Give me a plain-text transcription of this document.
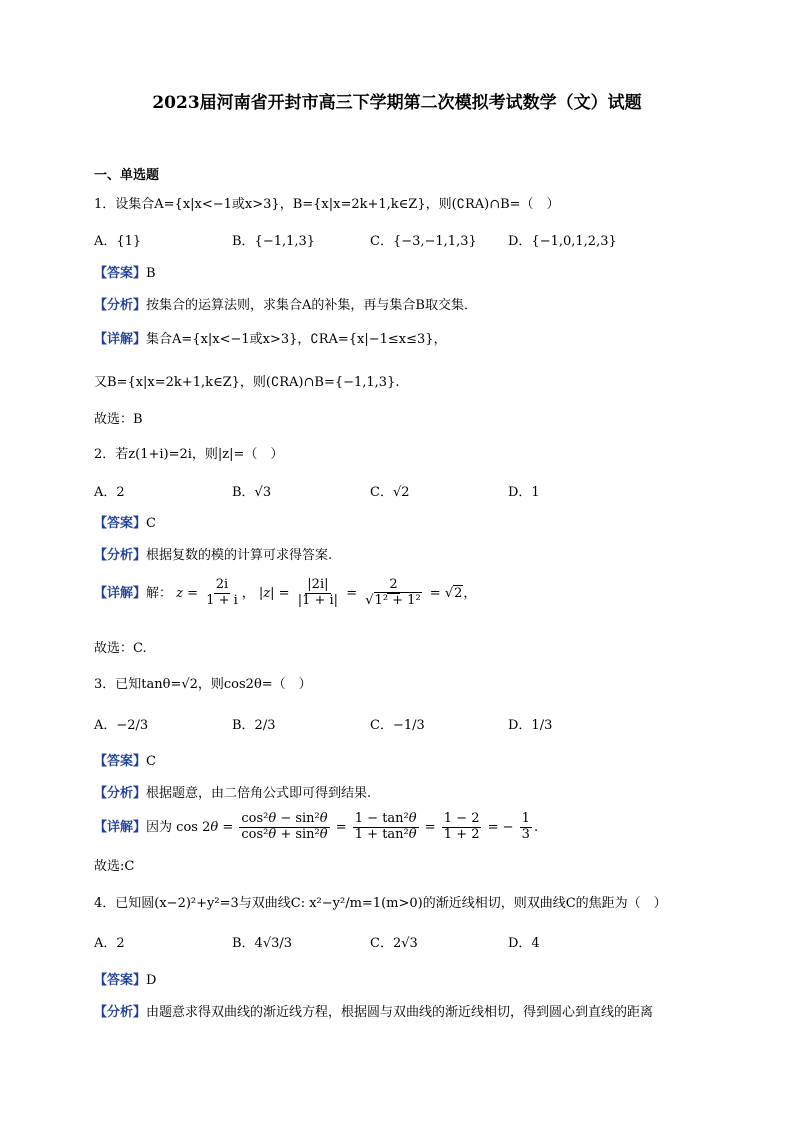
2023届河南省开封市高三下学期第二次模拟考试数学（文）试题
一、单选题
1．设集合A={x|x<−1或x>3}，B={x|x=2k+1,k∈Z}，则(∁RA)∩B=（　）
A．{1}	B．{−1,1,3}	C．{−3,−1,1,3} D．{−1,0,1,2,3}
【答案】B
【分析】按集合的运算法则，求集合A的补集，再与集合B取交集．
【详解】集合A={x|x<−1或x>3}，∁RA={x|−1≤x≤3}，
又B={x|x=2k+1,k∈Z}，则(∁RA)∩B={−1,1,3}.
故选：B
2．若z(1+i)=2i，则|z|=（　）
A．2	B．√3	C．√2	D．1
【答案】C
【分析】根据复数的模的计算可求得答案.
【详解】解： $z = \frac{2i}{1 + i}$ ， $|z| = \frac{|2i|}{|1 + i|} = \frac{2}{\text{√1² + 1²}} = √2$，
故选：C.
3．已知tanθ=√2，则cos2θ=（　）
A．−2/3	B．2/3	C．−1/3	D．1/3
【答案】C
【分析】根据题意，由二倍角公式即可得到结果.
【详解】因为 $\cos 2\theta = \frac{\text{cos²θ − sin²θ}}{\text{cos²θ + sin²θ}} = \frac{\text{1 − tan²θ}}{\text{1 + tan²θ}} = \frac{1 - 2}{1 + 2}$ = − $\frac{1}{3}$ .
故选:C
4．已知圆(x−2)²+y²=3与双曲线C: x²−y²/m=1(m>0)的渐近线相切，则双曲线C的焦距为（　）
A．2	B．4√3/3	C．2√3	D．4
【答案】D
【分析】由题意求得双曲线的渐近线方程，根据圆与双曲线的渐近线相切，得到圆心到直线的距离
